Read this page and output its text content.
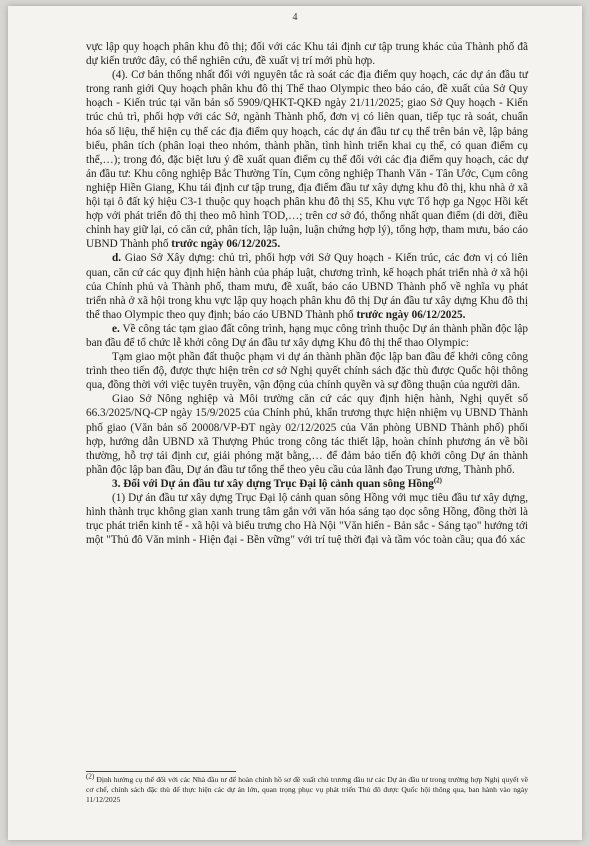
4

vực lập quy hoạch phân khu đô thị; đối với các Khu tái định cư tập trung khác của Thành phố đã dự kiến trước đây, có thể nghiên cứu, đề xuất vị trí mới phù hợp.

(4). Cơ bản thống nhất đối với nguyên tắc rà soát các địa điểm quy hoạch, các dự án đầu tư trong ranh giới Quy hoạch phân khu đô thị Thể thao Olympic theo báo cáo, đề xuất của Sở Quy hoạch - Kiến trúc tại văn bản số 5909/QHKT-QKĐ ngày 21/11/2025; giao Sở Quy hoạch - Kiến trúc chủ trì, phối hợp với các Sở, ngành Thành phố, đơn vị có liên quan, tiếp tục rà soát, chuẩn hóa số liệu, thể hiện cụ thể các địa điểm quy hoạch, các dự án đầu tư cụ thể trên bản vẽ, lập bảng biểu, phân tích (phân loại theo nhóm, thành phần, tình hình triển khai cụ thể, có quan điểm cụ thể,…); trong đó, đặc biệt lưu ý đề xuất quan điểm cụ thể đối với các địa điểm quy hoạch, các dự án đầu tư: Khu công nghiệp Bắc Thường Tín, Cụm công nghiệp Thanh Văn - Tân Ước, Cụm công nghiệp Hiền Giang, Khu tái định cư tập trung, địa điểm đầu tư xây dựng khu đô thị, khu nhà ở xã hội tại ô đất ký hiệu C3-1 thuộc quy hoạch phân khu đô thị S5, Khu vực Tổ hợp ga Ngọc Hồi kết hợp với phát triển đô thị theo mô hình TOD,…; trên cơ sở đó, thống nhất quan điểm (di dời, điều chỉnh hay giữ lại, có căn cứ, phân tích, lập luận, luận chứng hợp lý), tổng hợp, tham mưu, báo cáo UBND Thành phố trước ngày 06/12/2025.

d. Giao Sở Xây dựng: chủ trì, phối hợp với Sở Quy hoạch - Kiến trúc, các đơn vị có liên quan, căn cứ các quy định hiện hành của pháp luật, chương trình, kế hoạch phát triển nhà ở xã hội của Chính phủ và Thành phố, tham mưu, đề xuất, báo cáo UBND Thành phố về nghĩa vụ phát triển nhà ở xã hội trong khu vực lập quy hoạch phân khu đô thị Dự án đầu tư xây dựng Khu đô thị thể thao Olympic theo quy định; báo cáo UBND Thành phố trước ngày 06/12/2025.

e. Về công tác tạm giao đất công trình, hạng mục công trình thuộc Dự án thành phần độc lập ban đầu để tổ chức lễ khởi công Dự án đầu tư xây dựng Khu đô thị thể thao Olympic:

Tạm giao một phần đất thuộc phạm vi dự án thành phần độc lập ban đầu để khởi công công trình theo tiến độ, được thực hiện trên cơ sở Nghị quyết chính sách đặc thù được Quốc hội thông qua, đồng thời với việc tuyên truyền, vận động của chính quyền và sự đồng thuận của người dân.

Giao Sở Nông nghiệp và Môi trường căn cứ các quy định hiện hành, Nghị quyết số 66.3/2025/NQ-CP ngày 15/9/2025 của Chính phủ, khẩn trương thực hiện nhiệm vụ UBND Thành phố giao (Văn bản số 20008/VP-ĐT ngày 02/12/2025 của Văn phòng UBND Thành phố) phối hợp, hướng dẫn UBND xã Thượng Phúc trong công tác thiết lập, hoàn chỉnh phương án về bồi thường, hỗ trợ tái định cư, giải phóng mặt bằng,… để đảm bảo tiến độ khởi công Dự án thành phần độc lập ban đầu, Dự án đầu tư tổng thể theo yêu cầu của lãnh đạo Trung ương, Thành phố.

3. Đối với Dự án đầu tư xây dựng Trục Đại lộ cảnh quan sông Hồng$^{(2)}$

(1) Dự án đầu tư xây dựng Trục Đại lộ cảnh quan sông Hồng với mục tiêu đầu tư xây dựng, hình thành trục không gian xanh trung tâm gắn với văn hóa sáng tạo dọc sông Hồng, đồng thời là trục phát triển kinh tế - xã hội và biểu trưng cho Hà Nội "Văn hiến - Bản sắc - Sáng tạo" hướng tới một "Thủ đô Văn minh - Hiện đại - Bền vững" với trí tuệ thời đại và tầm vóc toàn cầu; qua đó xác

$^{(2)}$ Định hướng cụ thể đối với các Nhà đầu tư để hoàn chỉnh hồ sơ đề xuất chủ trương đầu tư các Dự án đầu tư trong trường hợp Nghị quyết về cơ chế, chính sách đặc thù để thực hiện các dự án lớn, quan trọng phục vụ phát triển Thủ đô được Quốc hội thông qua, ban hành vào ngày 11/12/2025
